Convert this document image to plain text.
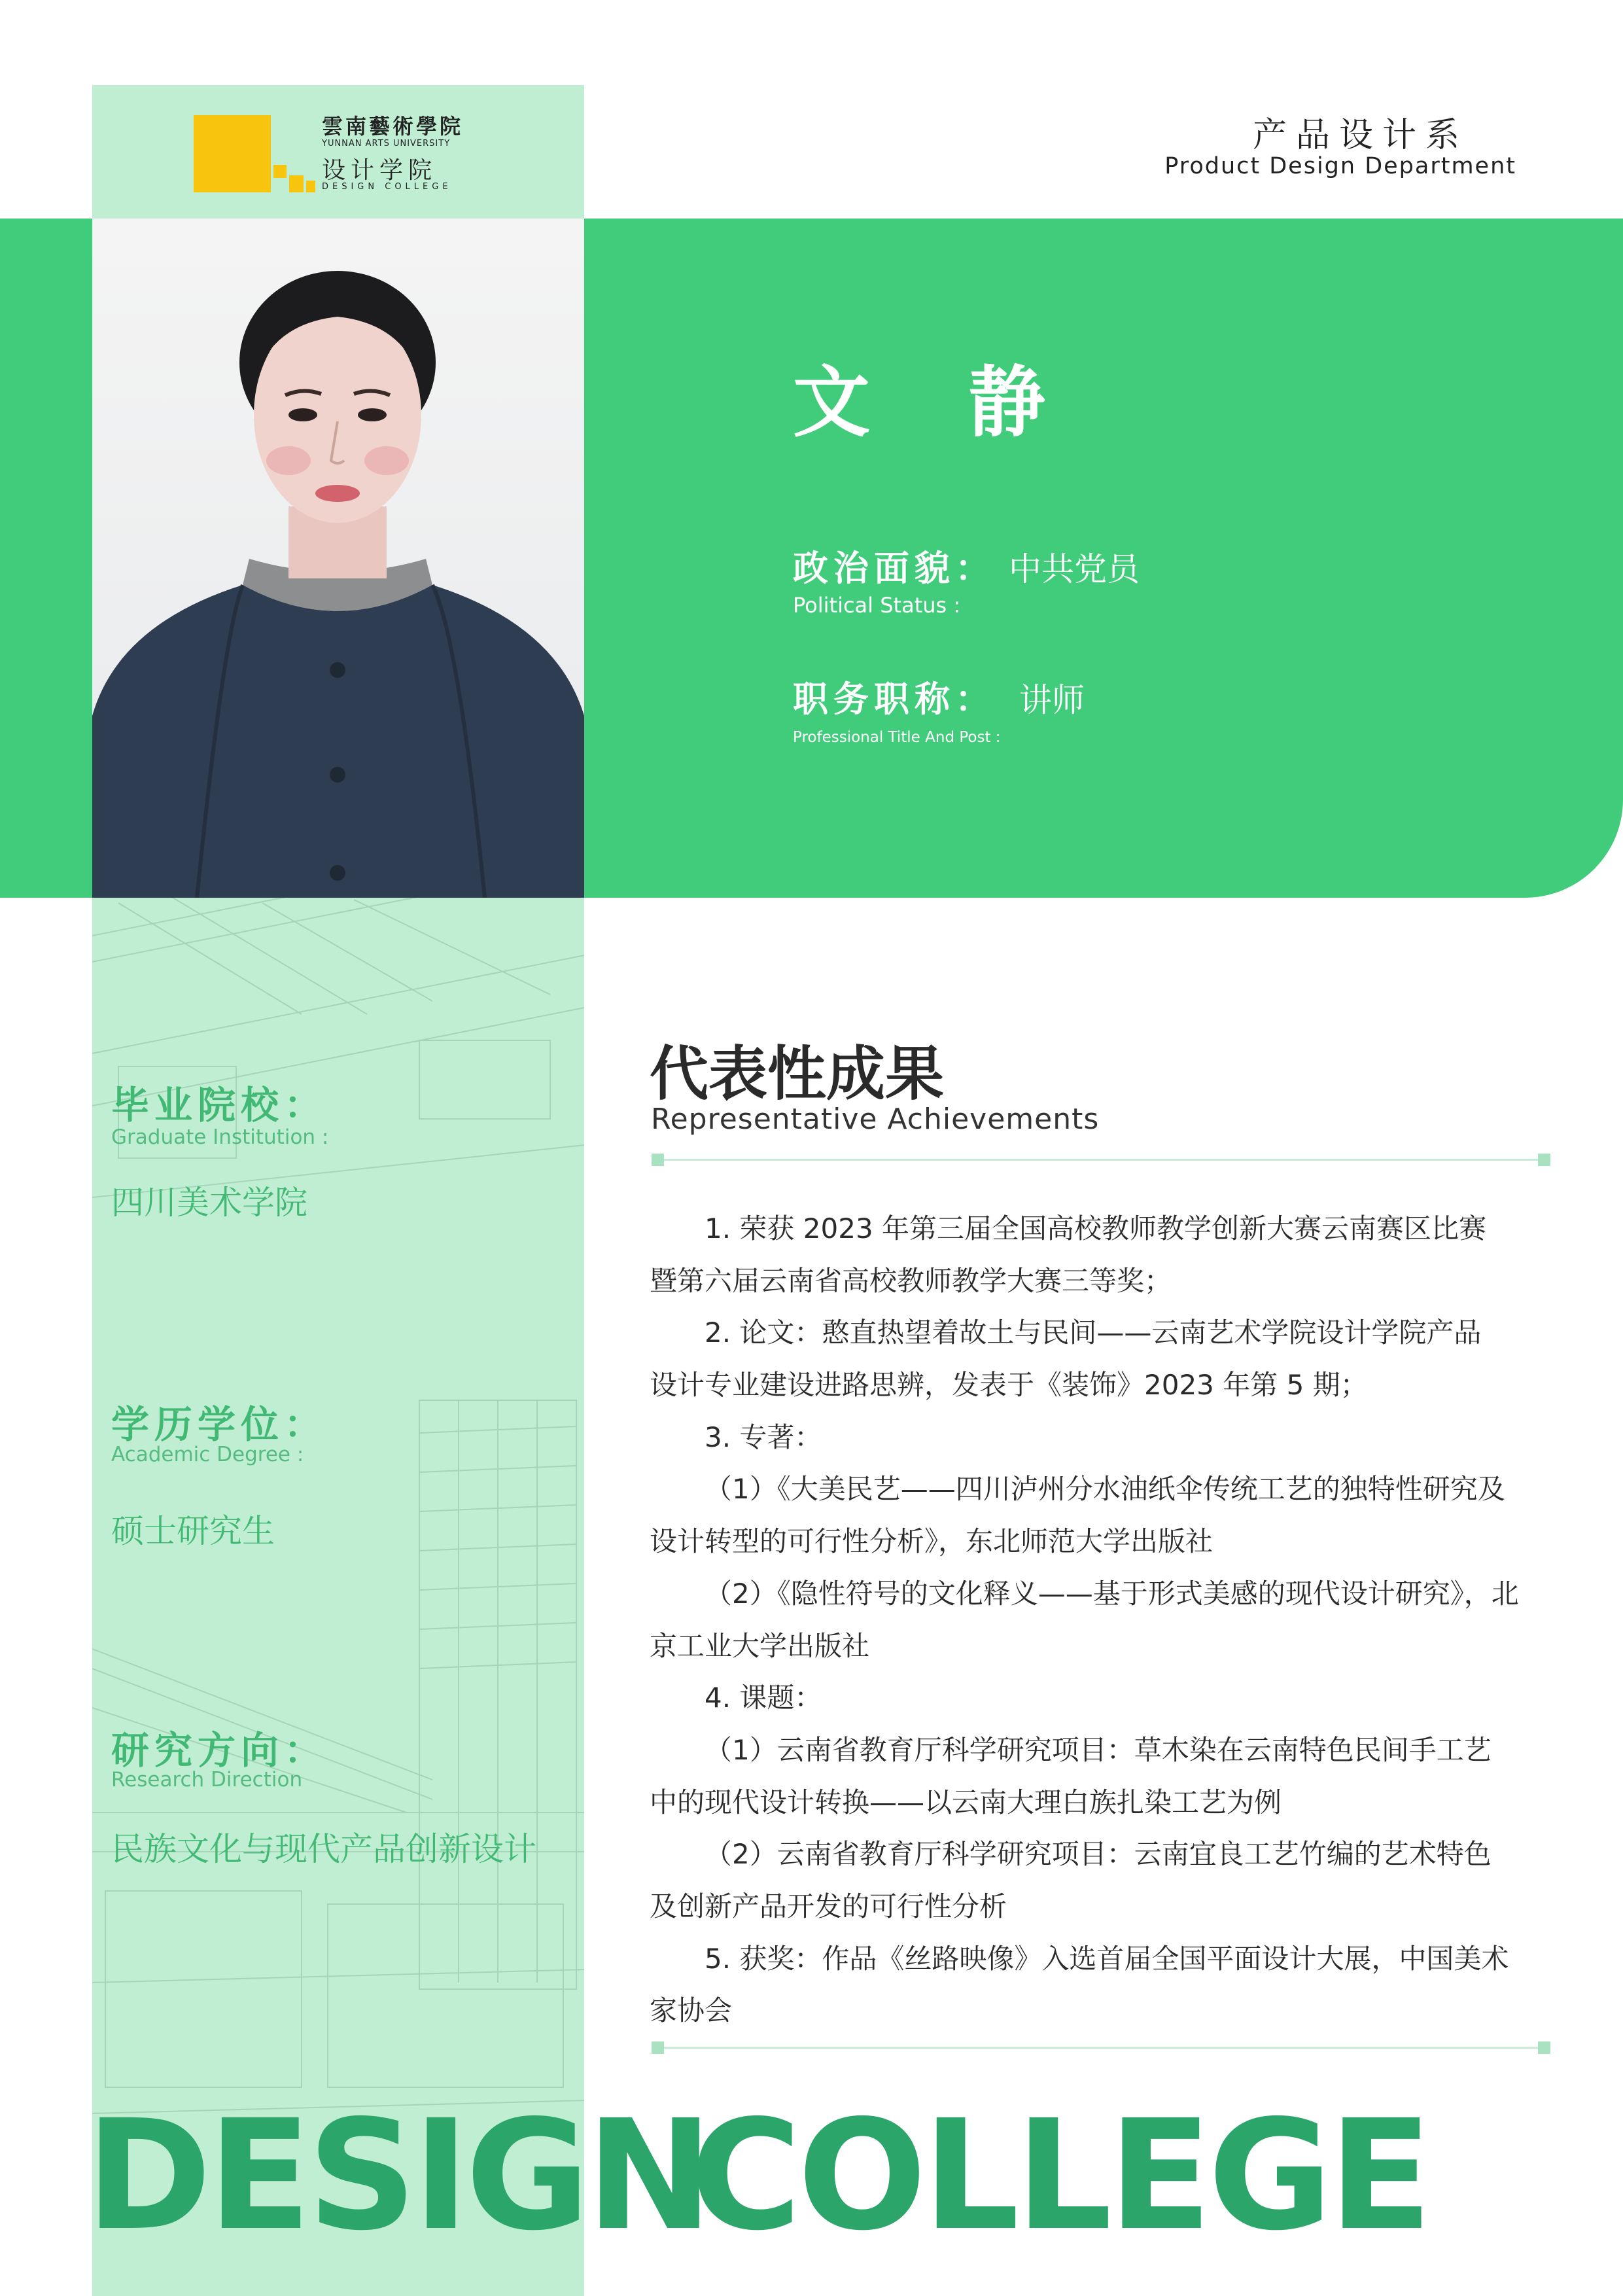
雲南藝術學院
YUNNAN ARTS UNIVERSITY
设计学院
DESIGN COLLEGE
产品设计系
Product Design Department
文静
政治面貌： 中共党员
Political Status :
职务职称： 讲师
Professional Title And Post :
毕业院校：
Graduate Institution :
四川美术学院
学历学位：
Academic Degree :
硕士研究生
研究方向：
Research Direction
民族文化与现代产品创新设计
代表性成果
Representative Achievements
1. 荣获 2023 年第三届全国高校教师教学创新大赛云南赛区比赛
暨第六届云南省高校教师教学大赛三等奖；
2. 论文：憨直热望着故土与民间——云南艺术学院设计学院产品
设计专业建设进路思辨，发表于《装饰》2023 年第 5 期；
3. 专著：
（1）《大美民艺——四川泸州分水油纸伞传统工艺的独特性研究及
设计转型的可行性分析》，东北师范大学出版社
（2）《隐性符号的文化释义——基于形式美感的现代设计研究》，北
京工业大学出版社
4. 课题：
（1）云南省教育厅科学研究项目：草木染在云南特色民间手工艺
中的现代设计转换——以云南大理白族扎染工艺为例
（2）云南省教育厅科学研究项目：云南宜良工艺竹编的艺术特色
及创新产品开发的可行性分析
5. 获奖：作品《丝路映像》入选首届全国平面设计大展，中国美术
家协会
DESIGN
COLLEGE
